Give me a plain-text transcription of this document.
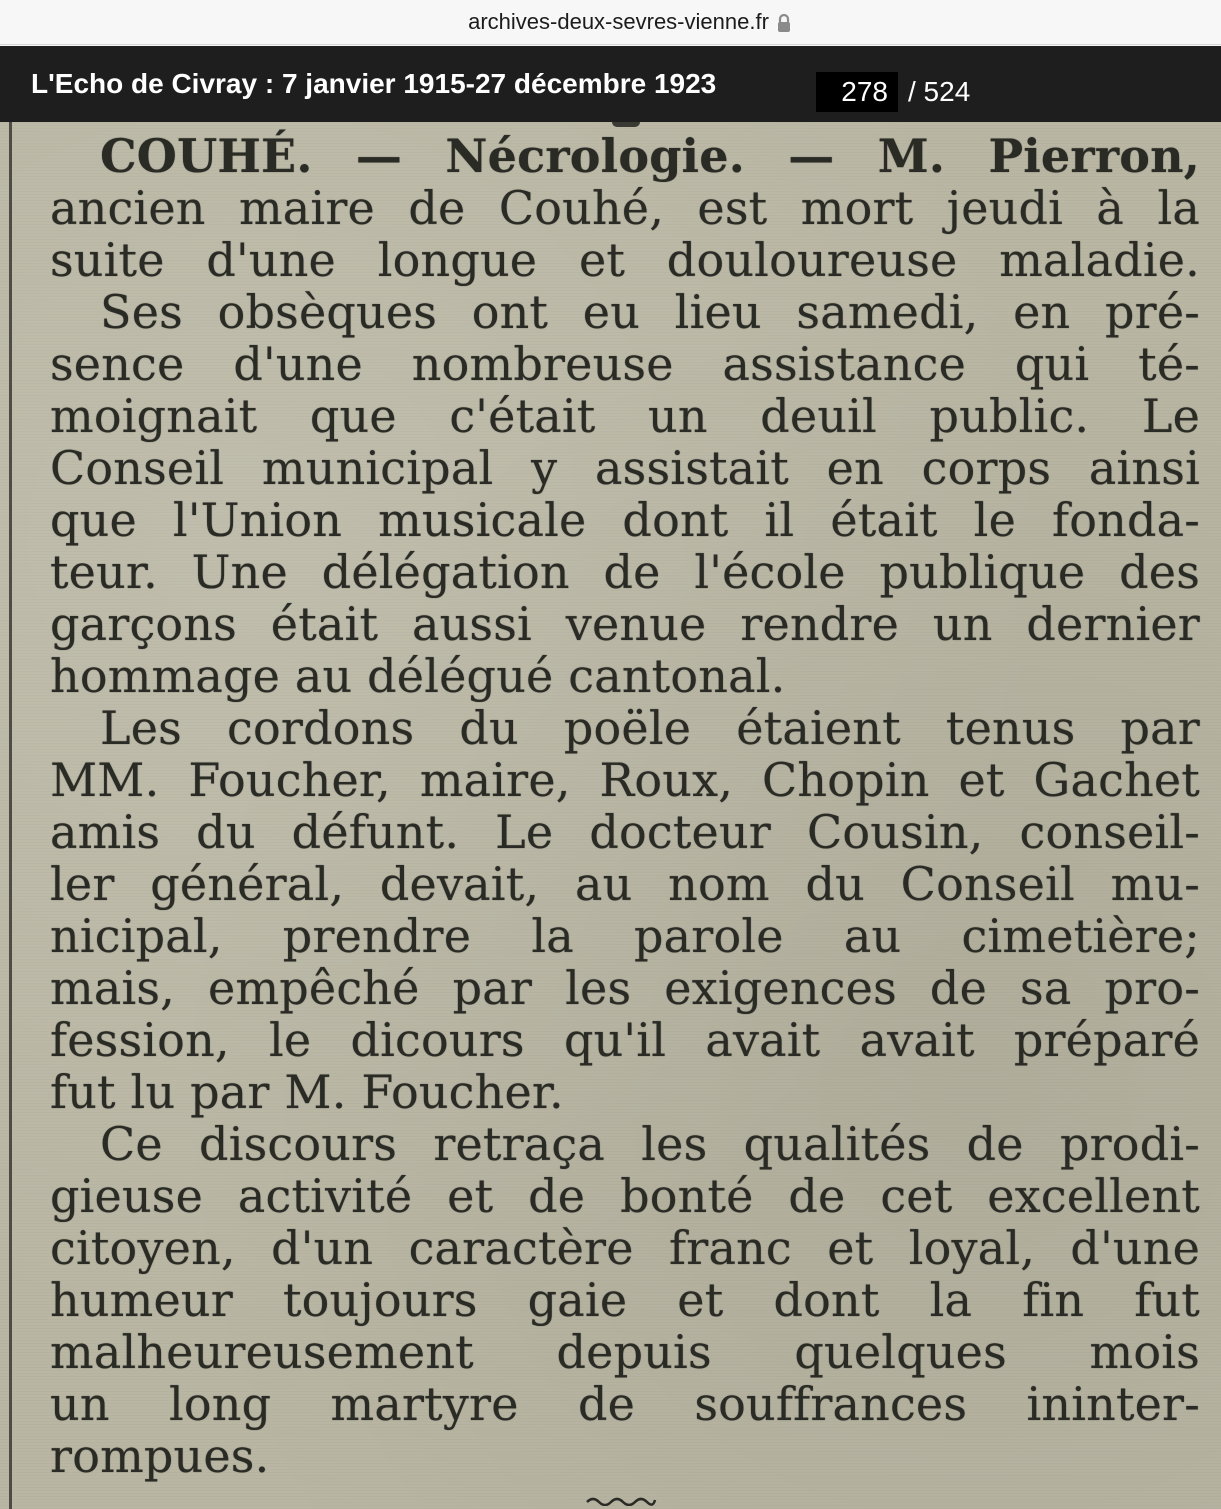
archives-deux-sevres-vienne.fr
L'Echo de Civray : 7 janvier 1915-27 décembre 1923
278	/ 524
COUHÉ. — Nécrologie. — M. Pierron,
ancien maire de Couhé, est mort jeudi à la
suite d'une longue et douloureuse maladie.
Ses obsèques ont eu lieu samedi, en pré-
sence d'une nombreuse assistance qui té-
moignait que c'était un deuil public. Le
Conseil municipal y assistait en corps ainsi
que l'Union musicale dont il était le fonda-
teur. Une délégation de l'école publique des
garçons était aussi venue rendre un dernier
hommage au délégué cantonal.
Les cordons du poële étaient tenus par
MM. Foucher, maire, Roux, Chopin et Gachet
amis du défunt. Le docteur Cousin, conseil-
ler général, devait, au nom du Conseil mu-
nicipal, prendre la parole au cimetière;
mais, empêché par les exigences de sa pro-
fession, le dicours qu'il avait avait préparé
fut lu par M. Foucher.
Ce discours retraça les qualités de prodi-
gieuse activité et de bonté de cet excellent
citoyen, d'un caractère franc et loyal, d'une
humeur toujours gaie et dont la fin fut
malheureusement depuis quelques mois
un long martyre de souffrances ininter-
rompues.
